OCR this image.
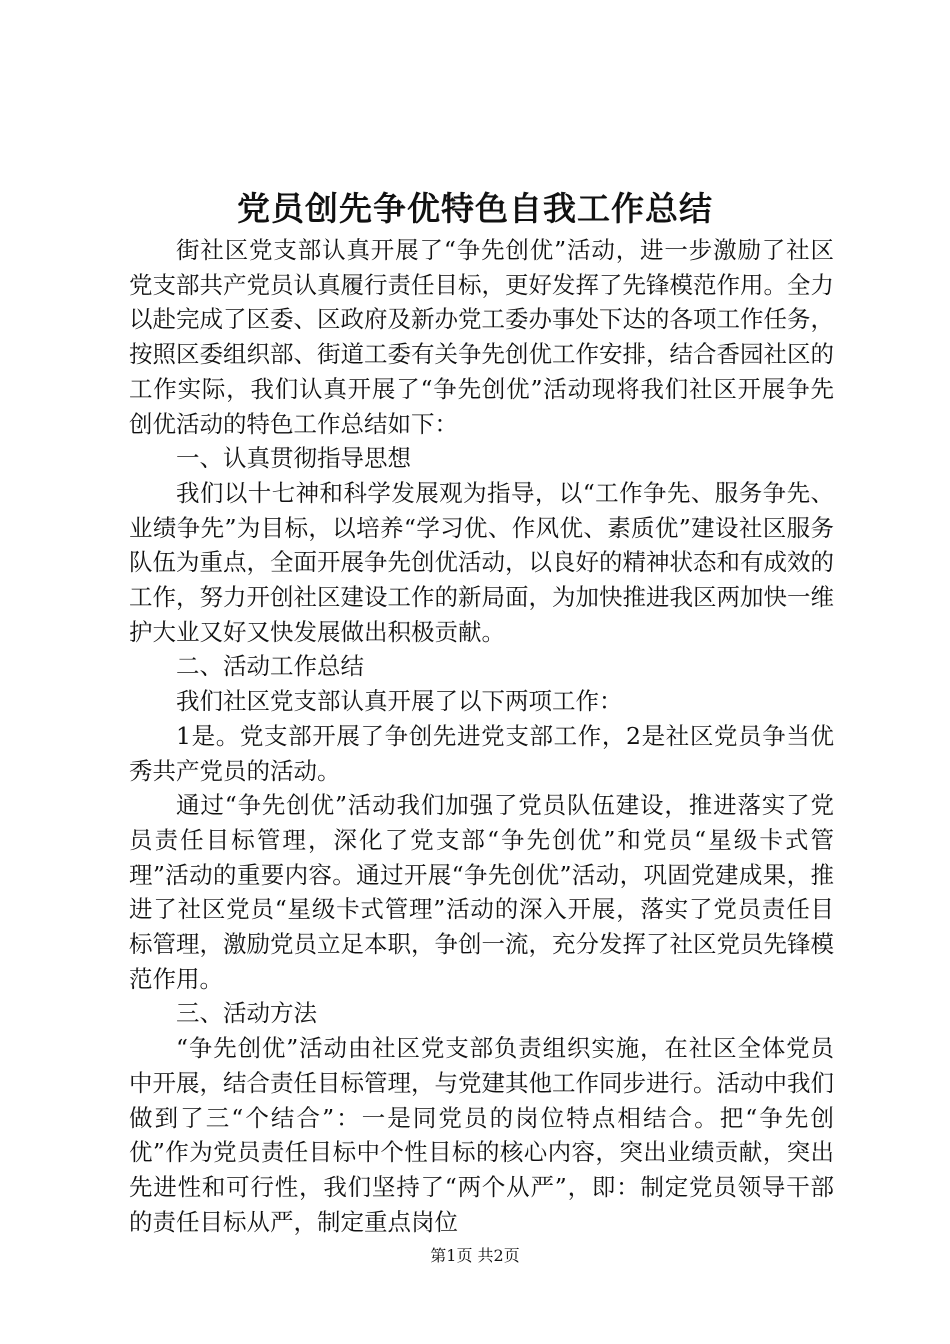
党员创先争优特色自我工作总结

街社区党支部认真开展了“争先创优”活动，进一步激励了社区党支部共产党员认真履行责任目标，更好发挥了先锋模范作用。全力以赴完成了区委、区政府及新办党工委办事处下达的各项工作任务，按照区委组织部、街道工委有关争先创优工作安排，结合香园社区的工作实际，我们认真开展了“争先创优”活动现将我们社区开展争先创优活动的特色工作总结如下：

一、认真贯彻指导思想

我们以十七神和科学发展观为指导，以“工作争先、服务争先、业绩争先”为目标，以培养“学习优、作风优、素质优”建设社区服务队伍为重点，全面开展争先创优活动，以良好的精神状态和有成效的工作，努力开创社区建设工作的新局面，为加快推进我区两加快一维护大业又好又快发展做出积极贡献。

二、活动工作总结

我们社区党支部认真开展了以下两项工作：

1是。党支部开展了争创先进党支部工作，2是社区党员争当优秀共产党员的活动。

通过“争先创优”活动我们加强了党员队伍建设，推进落实了党员责任目标管理，深化了党支部“争先创优”和党员“星级卡式管理”活动的重要内容。通过开展“争先创优”活动，巩固党建成果，推进了社区党员“星级卡式管理”活动的深入开展，落实了党员责任目标管理，激励党员立足本职，争创一流，充分发挥了社区党员先锋模范作用。

三、活动方法

“争先创优”活动由社区党支部负责组织实施，在社区全体党员中开展，结合责任目标管理，与党建其他工作同步进行。活动中我们做到了三“个结合”：一是同党员的岗位特点相结合。把“争先创优”作为党员责任目标中个性目标的核心内容，突出业绩贡献，突出先进性和可行性，我们坚持了“两个从严”，即：制定党员领导干部的责任目标从严，制定重点岗位

第1页 共2页
